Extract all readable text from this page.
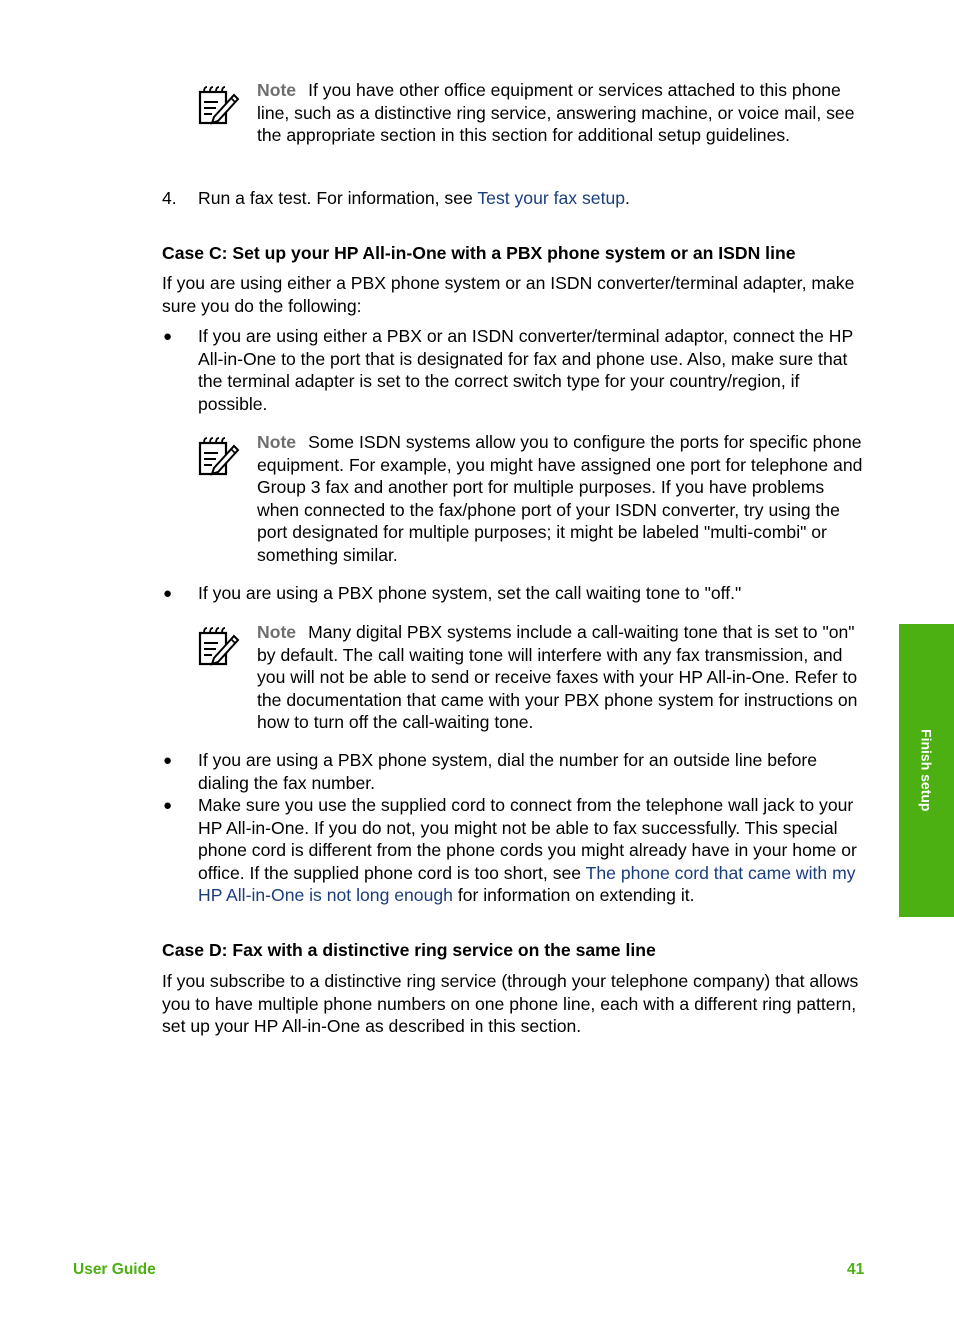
Note If you have other office equipment or services attached to this phone line, such as a distinctive ring service, answering machine, or voice mail, see the appropriate section in this section for additional setup guidelines.
4. Run a fax test. For information, see Test your fax setup.
Case C: Set up your HP All-in-One with a PBX phone system or an ISDN line
If you are using either a PBX phone system or an ISDN converter/terminal adapter, make sure you do the following:
● If you are using either a PBX or an ISDN converter/terminal adaptor, connect the HP All-in-One to the port that is designated for fax and phone use. Also, make sure that the terminal adapter is set to the correct switch type for your country/region, if possible.
Note Some ISDN systems allow you to configure the ports for specific phone equipment. For example, you might have assigned one port for telephone and Group 3 fax and another port for multiple purposes. If you have problems when connected to the fax/phone port of your ISDN converter, try using the port designated for multiple purposes; it might be labeled "multi-combi" or something similar.
● If you are using a PBX phone system, set the call waiting tone to "off."
Note Many digital PBX systems include a call-waiting tone that is set to "on" by default. The call waiting tone will interfere with any fax transmission, and you will not be able to send or receive faxes with your HP All-in-One. Refer to the documentation that came with your PBX phone system for instructions on how to turn off the call-waiting tone.
● If you are using a PBX phone system, dial the number for an outside line before dialing the fax number.
● Make sure you use the supplied cord to connect from the telephone wall jack to your HP All-in-One. If you do not, you might not be able to fax successfully. This special phone cord is different from the phone cords you might already have in your home or office. If the supplied phone cord is too short, see The phone cord that came with my HP All-in-One is not long enough for information on extending it.
Case D: Fax with a distinctive ring service on the same line
If you subscribe to a distinctive ring service (through your telephone company) that allows you to have multiple phone numbers on one phone line, each with a different ring pattern, set up your HP All-in-One as described in this section.
Finish setup
User Guide	41
